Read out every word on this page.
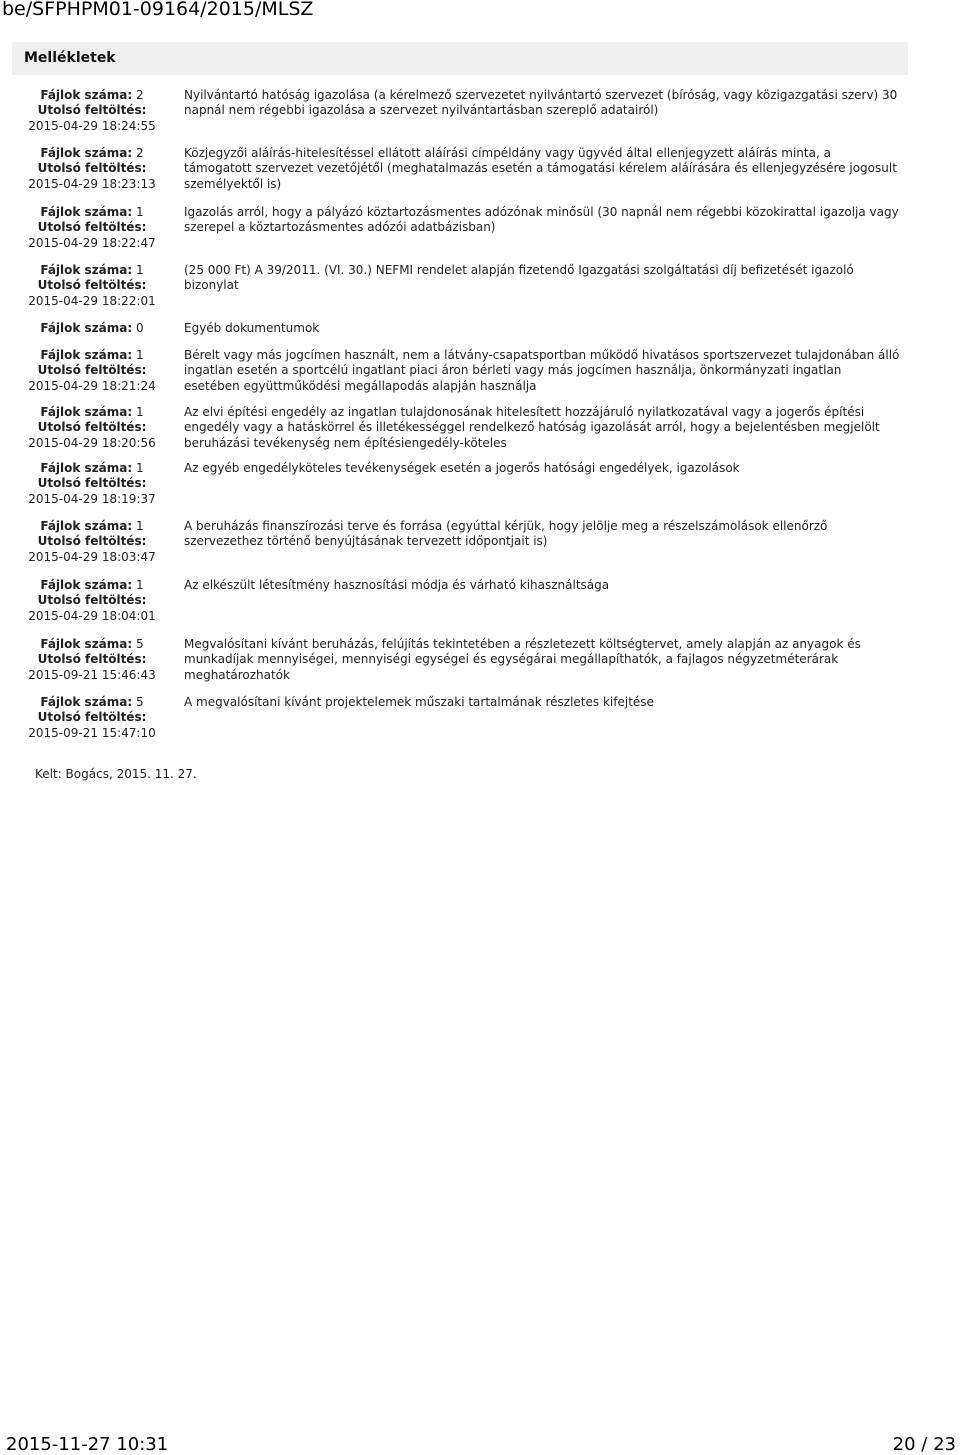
be/SFPHPM01-09164/2015/MLSZ
Mellékletek
Fájlok száma: 2
Utolsó feltöltés:
2015-04-29 18:24:55
Nyilvántartó hatóság igazolása (a kérelmező szervezetet nyilvántartó szervezet (bíróság, vagy közigazgatási szerv) 30 napnál nem régebbi igazolása a szervezet nyilvántartásban szereplő adatairól)
Fájlok száma: 2
Utolsó feltöltés:
2015-04-29 18:23:13
Közjegyzői aláírás-hitelesítéssel ellátott aláírási címpéldány vagy ügyvéd által ellenjegyzett aláírás minta, a támogatott szervezet vezetőjétől (meghatalmazás esetén a támogatási kérelem aláírására és ellenjegyzésére jogosult személyektől is)
Fájlok száma: 1
Utolsó feltöltés:
2015-04-29 18:22:47
Igazolás arról, hogy a pályázó köztartozásmentes adózónak minősül (30 napnál nem régebbi közokirattal igazolja vagy szerepel a köztartozásmentes adózói adatbázisban)
Fájlok száma: 1
Utolsó feltöltés:
2015-04-29 18:22:01
(25 000 Ft) A 39/2011. (VI. 30.) NEFMI rendelet alapján fizetendő Igazgatási szolgáltatási díj befizetését igazoló bizonylat
Fájlok száma: 0	Egyéb dokumentumok
Fájlok száma: 1
Utolsó feltöltés:
2015-04-29 18:21:24
Bérelt vagy más jogcímen használt, nem a látvány-csapatsportban működő hivatásos sportszervezet tulajdonában álló ingatlan esetén a sportcélú ingatlant piaci áron bérleti vagy más jogcímen használja, önkormányzati ingatlan esetében együttműködési megállapodás alapján használja
Fájlok száma: 1
Utolsó feltöltés:
2015-04-29 18:20:56
Az elvi építési engedély az ingatlan tulajdonosának hitelesített hozzájáruló nyilatkozatával vagy a jogerős építési engedély vagy a hatáskörrel és illetékességgel rendelkező hatóság igazolását arról, hogy a bejelentésben megjelölt beruházási tevékenység nem építésiengedély-köteles
Fájlok száma: 1
Utolsó feltöltés:
2015-04-29 18:19:37
Az egyéb engedélyköteles tevékenységek esetén a jogerős hatósági engedélyek, igazolások
Fájlok száma: 1
Utolsó feltöltés:
2015-04-29 18:03:47
A beruházás finanszírozási terve és forrása (egyúttal kérjük, hogy jelölje meg a részelszámolások ellenőrző szervezethez történő benyújtásának tervezett időpontjait is)
Fájlok száma: 1
Utolsó feltöltés:
2015-04-29 18:04:01
Az elkészült létesítmény hasznosítási módja és várható kihasználtsága
Fájlok száma: 5
Utolsó feltöltés:
2015-09-21 15:46:43
Megvalósítani kívánt beruházás, felújítás tekintetében a részletezett költségtervet, amely alapján az anyagok és munkadíjak mennyiségei, mennyiségi egységei és egységárai megállapíthatók, a fajlagos négyzetméterárak meghatározhatók
Fájlok száma: 5
Utolsó feltöltés:
2015-09-21 15:47:10
A megvalósítani kívánt projektelemek műszaki tartalmának részletes kifejtése
Kelt: Bogács, 2015. 11. 27.
2015-11-27 10:31	20 / 23
